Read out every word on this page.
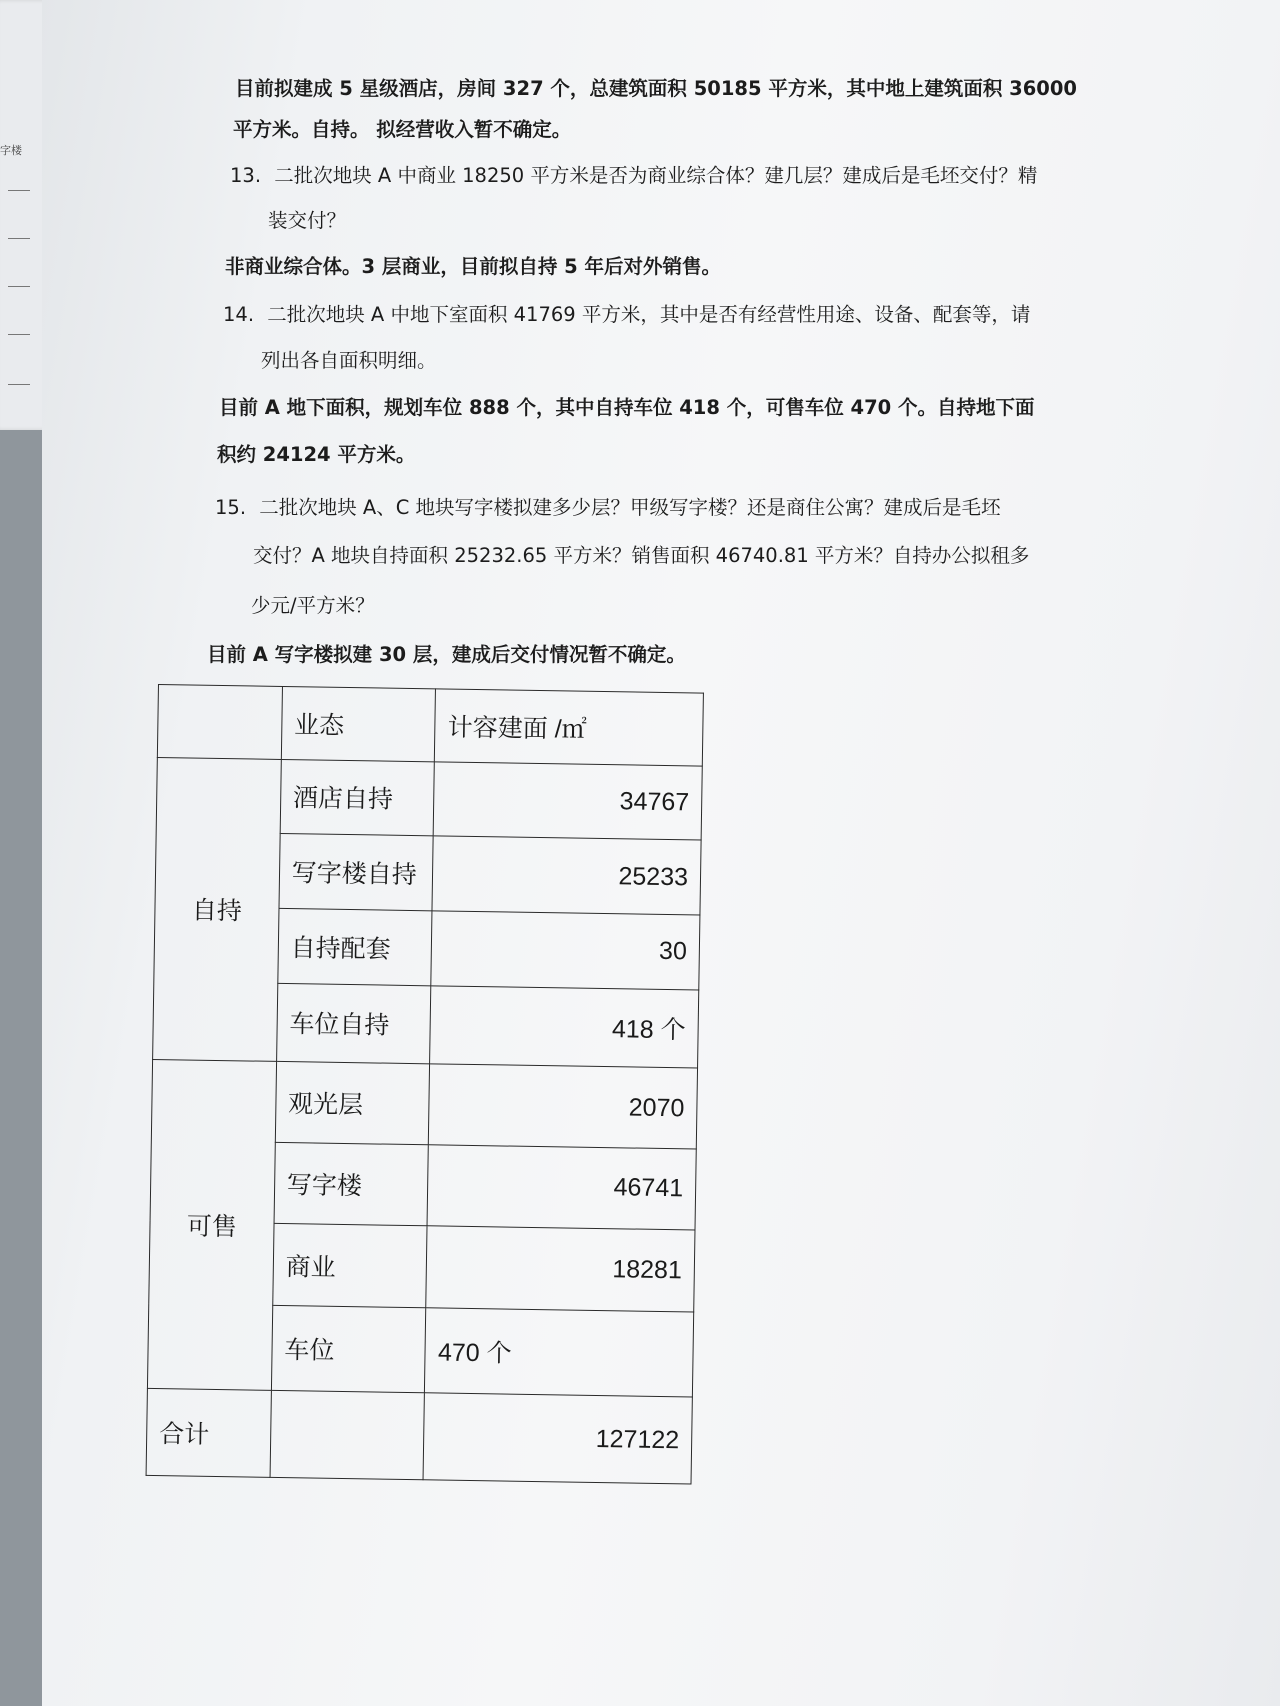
字楼
目前拟建成 5 星级酒店，房间 327 个，总建筑面积 50185 平方米，其中地上建筑面积 36000
平方米。自持。 拟经营收入暂不确定。
13. 二批次地块 A 中商业 18250 平方米是否为商业综合体？建几层？建成后是毛坯交付？精
装交付？
非商业综合体。3 层商业，目前拟自持 5 年后对外销售。
14. 二批次地块 A 中地下室面积 41769 平方米，其中是否有经营性用途、设备、配套等，请
列出各自面积明细。
目前 A 地下面积，规划车位 888 个，其中自持车位 418 个，可售车位 470 个。自持地下面
积约 24124 平方米。
15. 二批次地块 A、C 地块写字楼拟建多少层？甲级写字楼？还是商住公寓？建成后是毛坯
交付？A 地块自持面积 25232.65 平方米？销售面积 46740.81 平方米？自持办公拟租多
少元/平方米？
目前 A 写字楼拟建 30 层，建成后交付情况暂不确定。
	业态	计容建面 /㎡
自持	酒店自持	34767
	写字楼自持	25233
	自持配套	30
	车位自持	418 个
可售	观光层	2070
	写字楼	46741
	商业	18281
	车位	470 个
合计		127122
